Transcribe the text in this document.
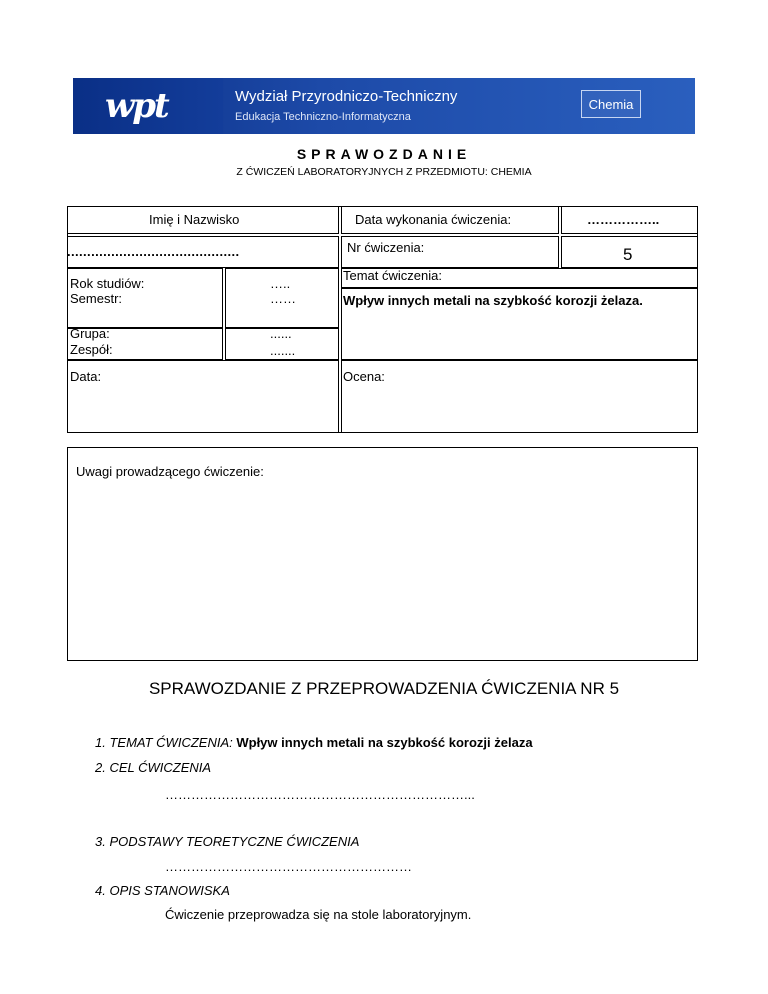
wpt	Wydział Przyrodniczo-Techniczny
Edukacja Techniczno-Informatyczna
Chemia
SPRAWOZDANIE
Z ĆWICZEŃ LABORATORYJNYCH Z PRZEDMIOTU: CHEMIA
Imię i Nazwisko	Data wykonania ćwiczenia:	……………..
...........................................	Nr ćwiczenia:	5
Rok studiów:	…..
Semestr:	……
Grupa:	......
Zespół:	.......
Temat ćwiczenia:
Wpływ innych metali na szybkość korozji żelaza.
Data:	Ocena:
Uwagi prowadzącego ćwiczenie:
SPRAWOZDANIE Z PRZEPROWADZENIA ĆWICZENIA NR 5
1. TEMAT ĆWICZENIA: Wpływ innych metali na szybkość korozji żelaza
2. CEL ĆWICZENIA
……………………………………………………………...
3. PODSTAWY TEORETYCZNE ĆWICZENIA
…………………………………………………
4. OPIS STANOWISKA
Ćwiczenie przeprowadza się na stole laboratoryjnym.
